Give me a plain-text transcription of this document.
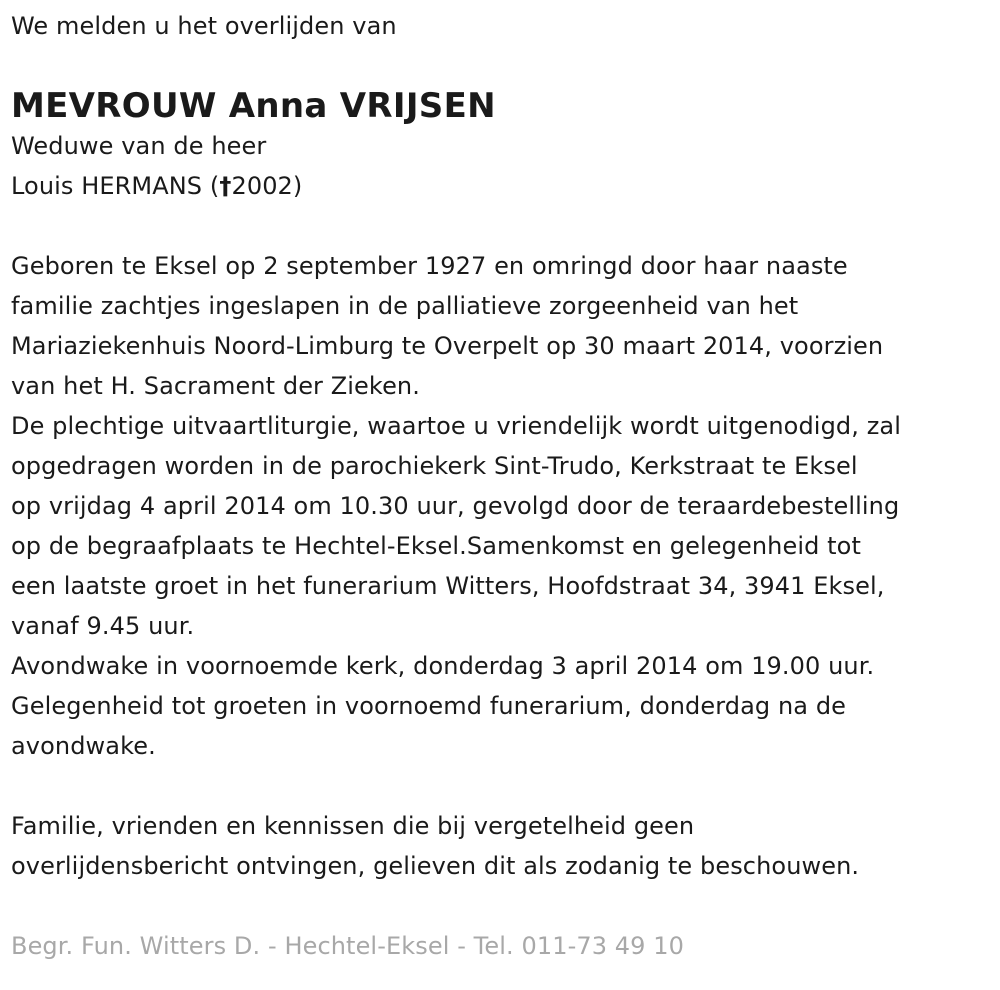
We melden u het overlijden van
MEVROUW Anna VRIJSEN
Weduwe van de heer
Louis HERMANS (†2002)
Geboren te Eksel op 2 september 1927 en omringd door haar naaste
familie zachtjes ingeslapen in de palliatieve zorgeenheid van het
Mariaziekenhuis Noord-Limburg te Overpelt op 30 maart 2014, voorzien
van het H. Sacrament der Zieken.
De plechtige uitvaartliturgie, waartoe u vriendelijk wordt uitgenodigd, zal
opgedragen worden in de parochiekerk Sint-Trudo, Kerkstraat te Eksel
op vrijdag 4 april 2014 om 10.30 uur, gevolgd door de teraardebestelling
op de begraafplaats te Hechtel-Eksel.Samenkomst en gelegenheid tot
een laatste groet in het funerarium Witters, Hoofdstraat 34, 3941 Eksel,
vanaf 9.45 uur.
Avondwake in voornoemde kerk, donderdag 3 april 2014 om 19.00 uur.
Gelegenheid tot groeten in voornoemd funerarium, donderdag na de
avondwake.
Familie, vrienden en kennissen die bij vergetelheid geen
overlijdensbericht ontvingen, gelieven dit als zodanig te beschouwen.
Begr. Fun. Witters D. - Hechtel-Eksel - Tel. 011-73 49 10
